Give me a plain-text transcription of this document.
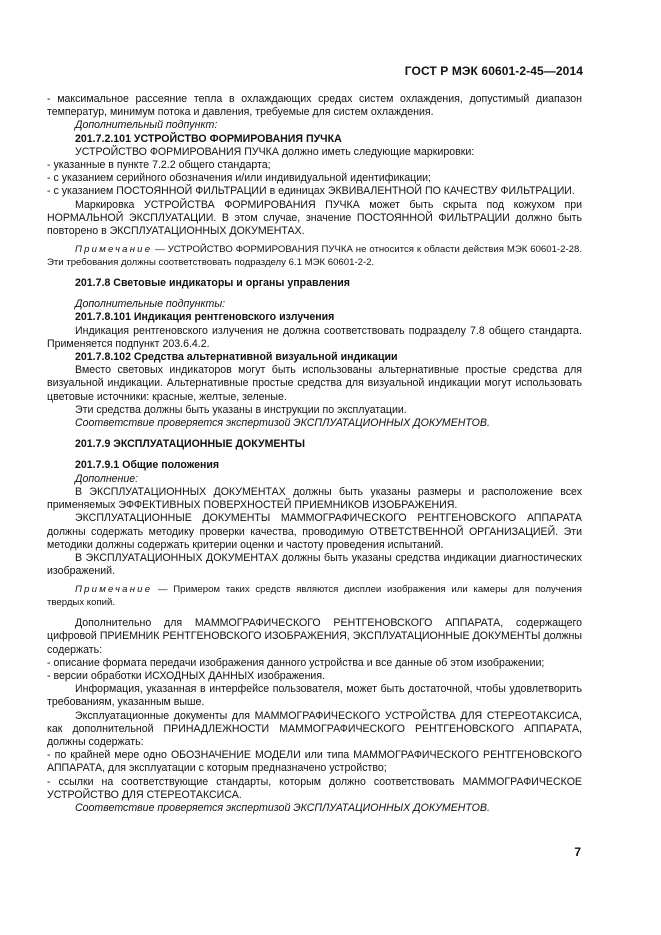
ГОСТ Р МЭК 60601-2-45—2014

- максимальное рассеяние тепла в охлаждающих средах систем охлаждения, допустимый диапазон температур, минимум потока и давления, требуемые для систем охлаждения.

Дополнительный подпункт:

201.7.2.101 УСТРОЙСТВО ФОРМИРОВАНИЯ ПУЧКА

УСТРОЙСТВО ФОРМИРОВАНИЯ ПУЧКА должно иметь следующие маркировки:

- указанные в пункте 7.2.2 общего стандарта;

- с указанием серийного обозначения и/или индивидуальной идентификации;

- с указанием ПОСТОЯННОЙ ФИЛЬТРАЦИИ в единицах ЭКВИВАЛЕНТНОЙ ПО КАЧЕСТВУ ФИЛЬТРАЦИИ.

Маркировка УСТРОЙСТВА ФОРМИРОВАНИЯ ПУЧКА может быть скрыта под кожухом при НОРМАЛЬНОЙ ЭКСПЛУАТАЦИИ. В этом случае, значение ПОСТОЯННОЙ ФИЛЬТРАЦИИ должно быть повторено в ЭКСПЛУАТАЦИОННЫХ ДОКУМЕНТАХ.

Примечание — УСТРОЙСТВО ФОРМИРОВАНИЯ ПУЧКА не относится к области действия МЭК 60601-2-28. Эти требования должны соответствовать подразделу 6.1 МЭК 60601-2-2.

201.7.8 Световые индикаторы и органы управления

Дополнительные подпункты:

201.7.8.101 Индикация рентгеновского излучения

Индикация рентгеновского излучения не должна соответствовать подразделу 7.8 общего стандарта. Применяется подпункт 203.6.4.2.

201.7.8.102 Средства альтернативной визуальной индикации

Вместо световых индикаторов могут быть использованы альтернативные простые средства для визуальной индикации. Альтернативные простые средства для визуальной индикации могут использовать цветовые источники: красные, желтые, зеленые.

Эти средства должны быть указаны в инструкции по эксплуатации.

Соответствие проверяется экспертизой ЭКСПЛУАТАЦИОННЫХ ДОКУМЕНТОВ.

201.7.9 ЭКСПЛУАТАЦИОННЫЕ ДОКУМЕНТЫ

201.7.9.1 Общие положения

Дополнение:

В ЭКСПЛУАТАЦИОННЫХ ДОКУМЕНТАХ должны быть указаны размеры и расположение всех применяемых ЭФФЕКТИВНЫХ ПОВЕРХНОСТЕЙ ПРИЕМНИКОВ ИЗОБРАЖЕНИЯ.

ЭКСПЛУАТАЦИОННЫЕ ДОКУМЕНТЫ МАММОГРАФИЧЕСКОГО РЕНТГЕНОВСКОГО АППАРАТА должны содержать методику проверки качества, проводимую ОТВЕТСТВЕННОЙ ОРГАНИЗАЦИЕЙ. Эти методики должны содержать критерии оценки и частоту проведения испытаний.

В ЭКСПЛУАТАЦИОННЫХ ДОКУМЕНТАХ должны быть указаны средства индикации диагностических изображений.

Примечание — Примером таких средств являются дисплеи изображения или камеры для получения твердых копий.

Дополнительно для МАММОГРАФИЧЕСКОГО РЕНТГЕНОВСКОГО АППАРАТА, содержащего цифровой ПРИЕМНИК РЕНТГЕНОВСКОГО ИЗОБРАЖЕНИЯ, ЭКСПЛУАТАЦИОННЫЕ ДОКУМЕНТЫ должны содержать:

- описание формата передачи изображения данного устройства и все данные об этом изображении;

- версии обработки ИСХОДНЫХ ДАННЫХ изображения.

Информация, указанная в интерфейсе пользователя, может быть достаточной, чтобы удовлетворить требованиям, указанным выше.

Эксплуатационные документы для МАММОГРАФИЧЕСКОГО УСТРОЙСТВА ДЛЯ СТЕРЕОТАКСИСА, как дополнительной ПРИНАДЛЕЖНОСТИ МАММОГРАФИЧЕСКОГО РЕНТГЕНОВСКОГО АППАРАТА, должны содержать:

- по крайней мере одно ОБОЗНАЧЕНИЕ МОДЕЛИ или типа МАММОГРАФИЧЕСКОГО РЕНТГЕНОВСКОГО АППАРАТА, для эксплуатации с которым предназначено устройство;

- ссылки на соответствующие стандарты, которым должно соответствовать МАММОГРАФИЧЕСКОЕ УСТРОЙСТВО ДЛЯ СТЕРЕОТАКСИСА.

Соответствие проверяется экспертизой ЭКСПЛУАТАЦИОННЫХ ДОКУМЕНТОВ.

7
